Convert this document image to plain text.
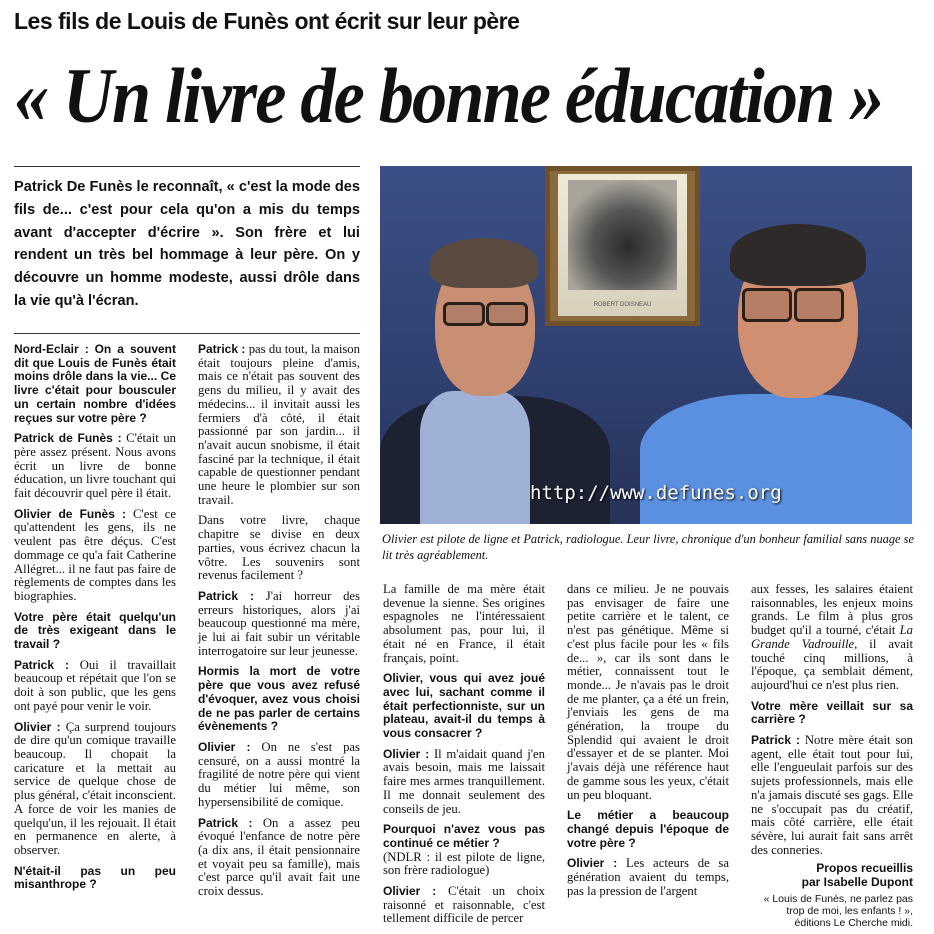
Les fils de Louis de Funès ont écrit sur leur père
« Un livre de bonne éducation »
Patrick De Funès le reconnaît, « c'est la mode des fils de... c'est pour cela qu'on a mis du temps avant d'accepter d'écrire ». Son frère et lui rendent un très bel hommage à leur père. On y découvre un homme modeste, aussi drôle dans la vie qu'à l'écran.	ROBERT DOISNEAU
http://www.defunes.org
Olivier est pilote de ligne et Patrick, radiologue. Leur livre, chronique d'un bonheur familial sans nuage se lit très agréablement.

Nord-Eclair : On a souvent dit que Louis de Funès était moins drôle dans la vie... Ce livre c'était pour bousculer un certain nombre d'idées reçues sur votre père ?

Patrick de Funès : C'était un père assez présent. Nous avons écrit un livre de bonne éducation, un livre touchant qui fait découvrir quel père il était.

Olivier de Funès : C'est ce qu'attendent les gens, ils ne veulent pas être déçus. C'est dommage ce qu'a fait Catherine Allégret... il ne faut pas faire de règlements de comptes dans les biographies.

Votre père était quelqu'un de très exigeant dans le travail ?

Patrick : Oui il travaillait beaucoup et répétait que l'on se doit à son public, que les gens ont payé pour venir le voir.

Olivier : Ça surprend toujours de dire qu'un comique travaille beaucoup. Il chopait la caricature et la mettait au service de quelque chose de plus général, c'était inconscient. A force de voir les manies de quelqu'un, il les rejouait. Il était en permanence en alerte, à observer.

N'était-il pas un peu misanthrope ?

Patrick : pas du tout, la maison était toujours pleine d'amis, mais ce n'était pas souvent des gens du milieu, il y avait des médecins... il invitait aussi les fermiers d'à côté, il était passionné par son jardin... il n'avait aucun snobisme, il était fasciné par la technique, il était capable de questionner pendant une heure le plombier sur son travail.

Dans votre livre, chaque chapitre se divise en deux parties, vous écrivez chacun la vôtre. Les souvenirs sont revenus facilement ?

Patrick : J'ai horreur des erreurs historiques, alors j'ai beaucoup questionné ma mère, je lui ai fait subir un véritable interrogatoire sur leur jeunesse.

Hormis la mort de votre père que vous avez refusé d'évoquer, avez vous choisi de ne pas parler de certains évènements ?

Olivier : On ne s'est pas censuré, on a aussi montré la fragilité de notre père qui vient du métier lui même, son hypersensibilité de comique.

Patrick : On a assez peu évoqué l'enfance de notre père (a dix ans, il était pensionnaire et voyait peu sa famille), mais c'est parce qu'il avait fait une croix dessus.

La famille de ma mère était devenue la sienne. Ses origines espagnoles ne l'intéressaient absolument pas, pour lui, il était né en France, il était français, point.

Olivier, vous qui avez joué avec lui, sachant comme il était perfectionniste, sur un plateau, avait-il du temps à vous consacrer ?

Olivier : Il m'aidait quand j'en avais besoin, mais me laissait faire mes armes tranquillement. Il me donnait seulement des conseils de jeu.

Pourquoi n'avez vous pas continué ce métier ?
(NDLR : il est pilote de ligne, son frère radiologue)

Olivier : C'était un choix raisonné et raisonnable, c'est tellement difficile de percer

dans ce milieu. Je ne pouvais pas envisager de faire une petite carrière et le talent, ce n'est pas génétique. Même si c'est plus facile pour les « fils de... », car ils sont dans le métier, connaissent tout le monde... Je n'avais pas le droit de me planter, ça a été un frein, j'enviais les gens de ma génération, la troupe du Splendid qui avaient le droit d'essayer et de se planter. Moi j'avais déjà une référence haut de gamme sous les yeux, c'était un peu bloquant.

Le métier a beaucoup changé depuis l'époque de votre père ?

Olivier : Les acteurs de sa génération avaient du temps, pas la pression de l'argent

aux fesses, les salaires étaient raisonnables, les enjeux moins grands. Le film à plus gros budget qu'il a tourné, c'était La Grande Vadrouille, il avait touché cinq millions, à l'époque, ça semblait dément, aujourd'hui ce n'est plus rien.

Votre mère veillait sur sa carrière ?

Patrick : Notre mère était son agent, elle était tout pour lui, elle l'engueulait parfois sur des sujets professionnels, mais elle n'a jamais discuté ses gags. Elle ne s'occupait pas du créatif, mais côté carrière, elle était sévère, lui aurait fait sans arrêt des conneries.

Propos recueillis
par Isabelle Dupont
« Louis de Funès, ne parlez pas trop de moi, les enfants ! », éditions Le Cherche midi.
